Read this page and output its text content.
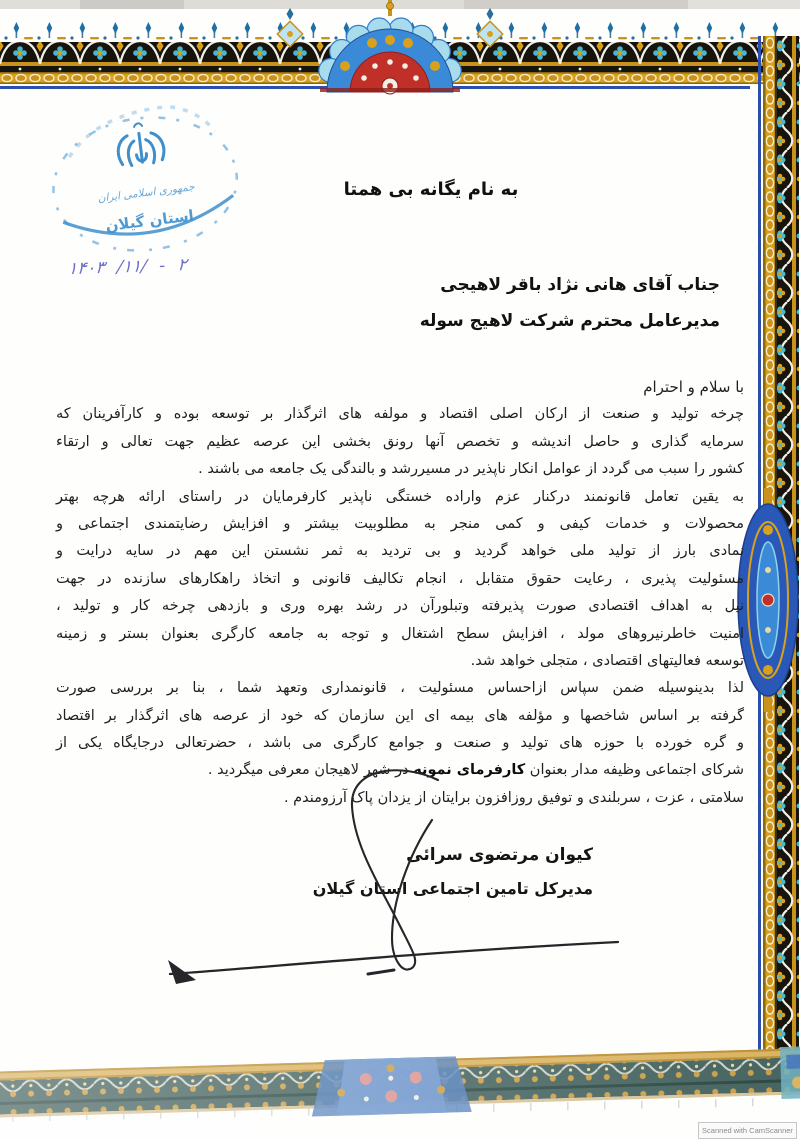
جمهوری اسلامی ایران
استان گیلان
۱۴۰۳ /۱۱/ - ۲
به نام یگانه بی همتا
جناب آقای هانی نژاد باقر لاهیجی
مدیرعامل محترم شرکت لاهیج سوله
با سلام و احترام
چرخه تولید و صنعت از ارکان اصلی اقتصاد و مولفه های اثرگذار بر توسعه بوده و کارآفرینان که
سرمایه گذاری و حاصل اندیشه و تخصص آنها رونق بخشی این عرصه عظیم جهت تعالی و ارتقاء
کشور را سبب می گردد از عوامل انکار ناپذیر در مسیررشد و بالندگی یک جامعه می باشند .
به یقین تعامل قانونمند درکنار عزم واراده خستگی ناپذیر کارفرمایان در راستای ارائه هرچه بهتر
محصولات و خدمات کیفی و کمی منجر به مطلوبیت بیشتر و افزایش رضایتمندی اجتماعی و
نمادی بارز از تولید ملی خواهد گردید و بی تردید به ثمر نشستن این مهم در سایه درایت و
مسئولیت پذیری ، رعایت حقوق متقابل ، انجام تکالیف قانونی و اتخاذ راهکارهای سازنده در جهت
نیل به اهداف اقتصادی صورت پذیرفته وتبلورآن در رشد بهره وری و بازدهی چرخه کار و تولید ،
امنیت خاطرنیروهای مولد ، افزایش سطح اشتغال و توجه به جامعه کارگری بعنوان بستر و زمینه
توسعه فعالیتهای اقتصادی ، متجلی خواهد شد.
لذا بدینوسیله ضمن سپاس ازاحساس مسئولیت ، قانونمداری وتعهد شما ، بنا بر بررسی صورت
گرفته بر اساس شاخصها و مؤلفه های بیمه ای این سازمان که خود از عرصه های اثرگذار بر اقتصاد
و گره خورده با حوزه های تولید و صنعت و جوامع کارگری می باشد ، حضرتعالی درجایگاه یکی از
شرکای اجتماعی وظیفه مدار بعنوان کارفرمای نمونه در شهر لاهیجان معرفی میگردید .
سلامتی ، عزت ، سربلندی و توفیق روزافزون برایتان از یزدان پاک آرزومندم .
کیوان مرتضوی سرائی
مدیرکل تامین اجتماعی استان گیلان
Scanned with CamScanner
